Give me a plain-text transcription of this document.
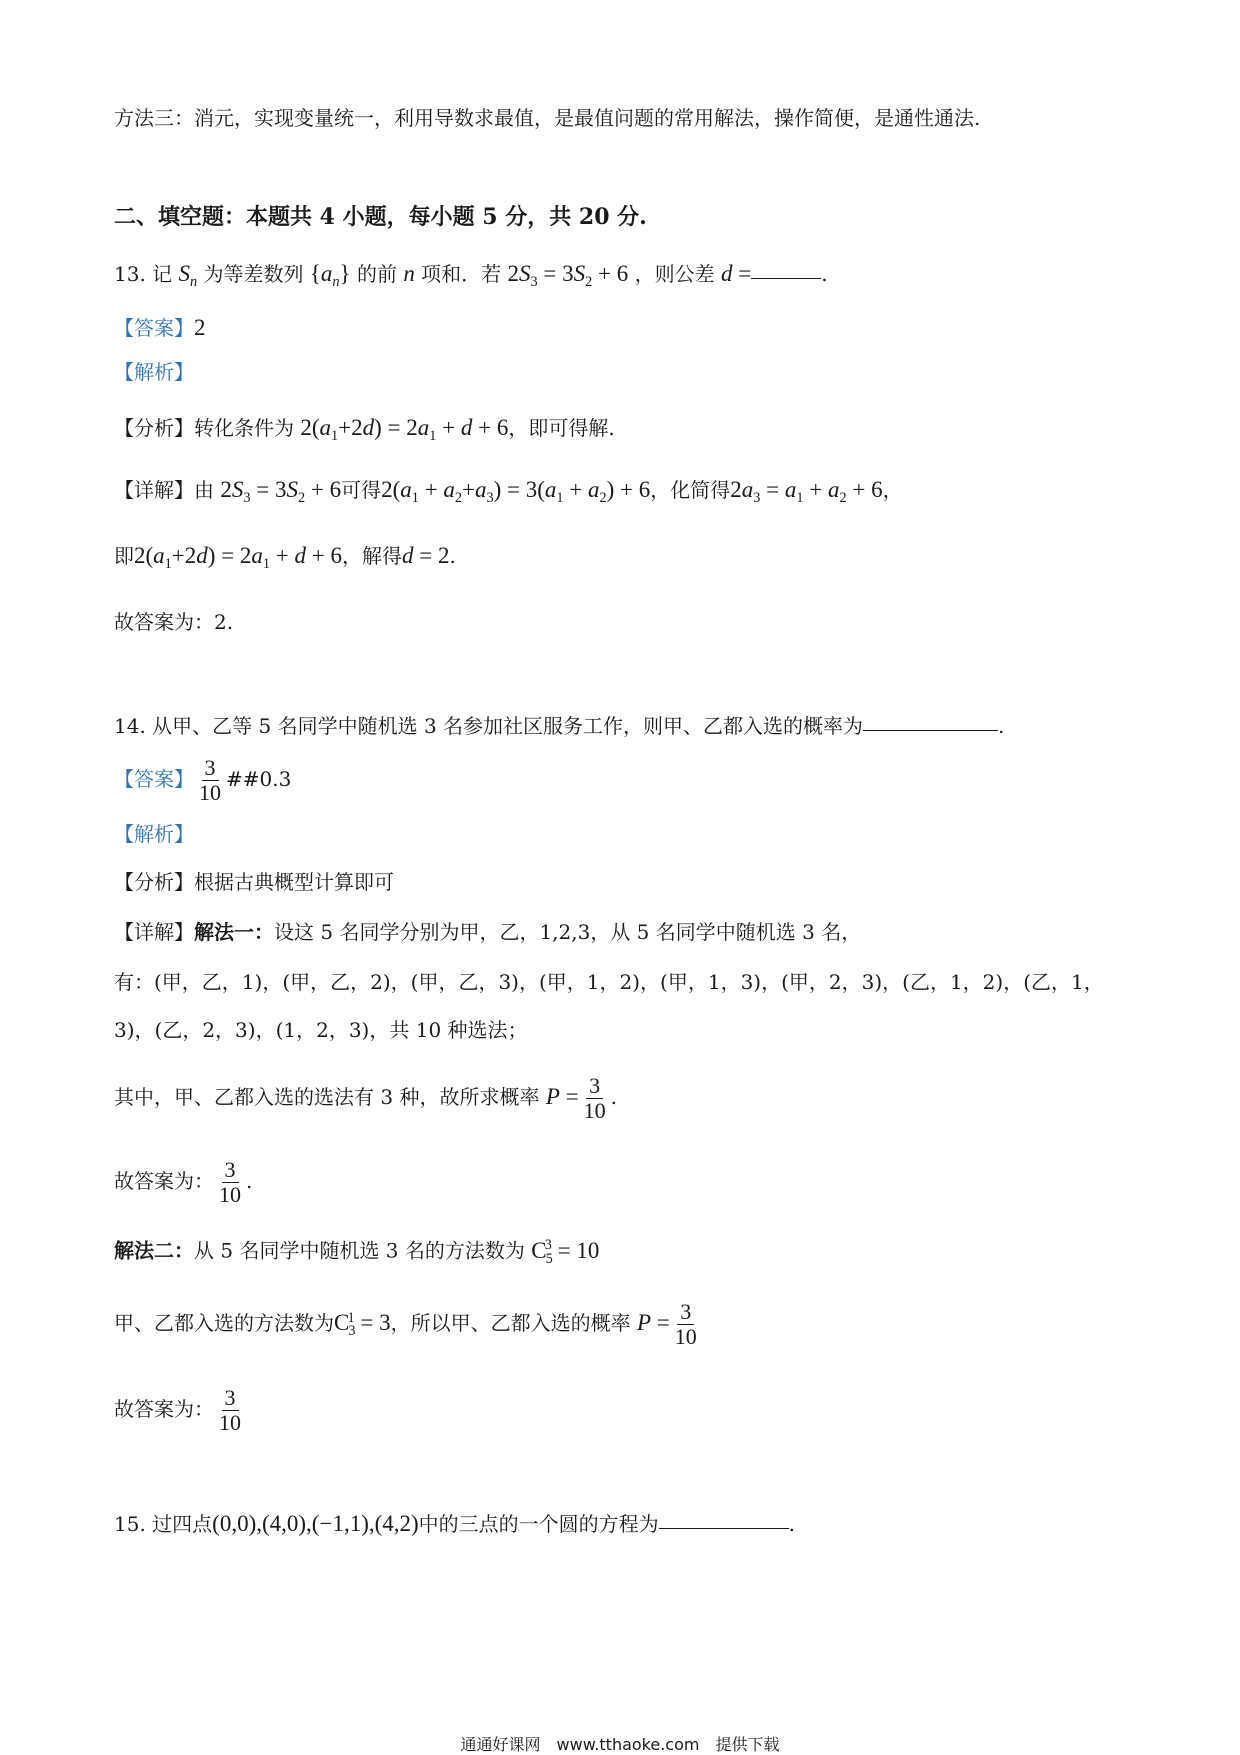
方法三：消元，实现变量统一，利用导数求最值，是最值问题的常用解法，操作简便，是通性通法.
二、填空题：本题共 4 小题，每小题 5 分，共 20 分.
13. 记 $S_n$ 为等差数列 $\{a_n\}$ 的前 n 项和．若 $2S_3 = 3S_2 + 6$ ，则公差 d =	.
【答案】2
【解析】
【分析】转化条件为 $2(a_1+2d) = 2a_1 + d + 6$，即可得解.
【详解】由 $2S_3 = 3S_2 + 6$可得$2(a_1 + a_2+a_3) = 3(a_1 + a_2) + 6$，化简得$2a_3 = a_1 + a_2 + 6$，
即$2(a_1+2d) = 2a_1 + d + 6$，解得d = 2.
故答案为：2.
14. 从甲、乙等 5 名同学中随机选 3 名参加社区服务工作，则甲、乙都入选的概率为	.
【答案】 $\frac{3}{10}$ ##0.3
【解析】
【分析】根据古典概型计算即可
【详解】解法一：设这 5 名同学分别为甲，乙，1,2,3，从 5 名同学中随机选 3 名，
有：(甲，乙，1)，(甲，乙，2)，(甲，乙，3)，(甲，1，2)，(甲，1，3)，(甲，2，3)，(乙，1，2)，(乙，1，
3)，(乙，2，3)，(1，2，3)，共 10 种选法；
其中，甲、乙都入选的选法有 3 种，故所求概率 $P = \frac{3}{10}$ .
故答案为： $\frac{3}{10}$ .
解法二：从 5 名同学中随机选 3 名的方法数为 $C_5^3 = 10$
甲、乙都入选的方法数为$C_3^1 = 3$，所以甲、乙都入选的概率 $P = \frac{3}{10}$
故答案为： $\frac{3}{10}$
15. 过四点(0,0),(4,0),(−1,1),(4,2)中的三点的一个圆的方程为	.
通通好课网　www.tthaoke.com　提供下载
